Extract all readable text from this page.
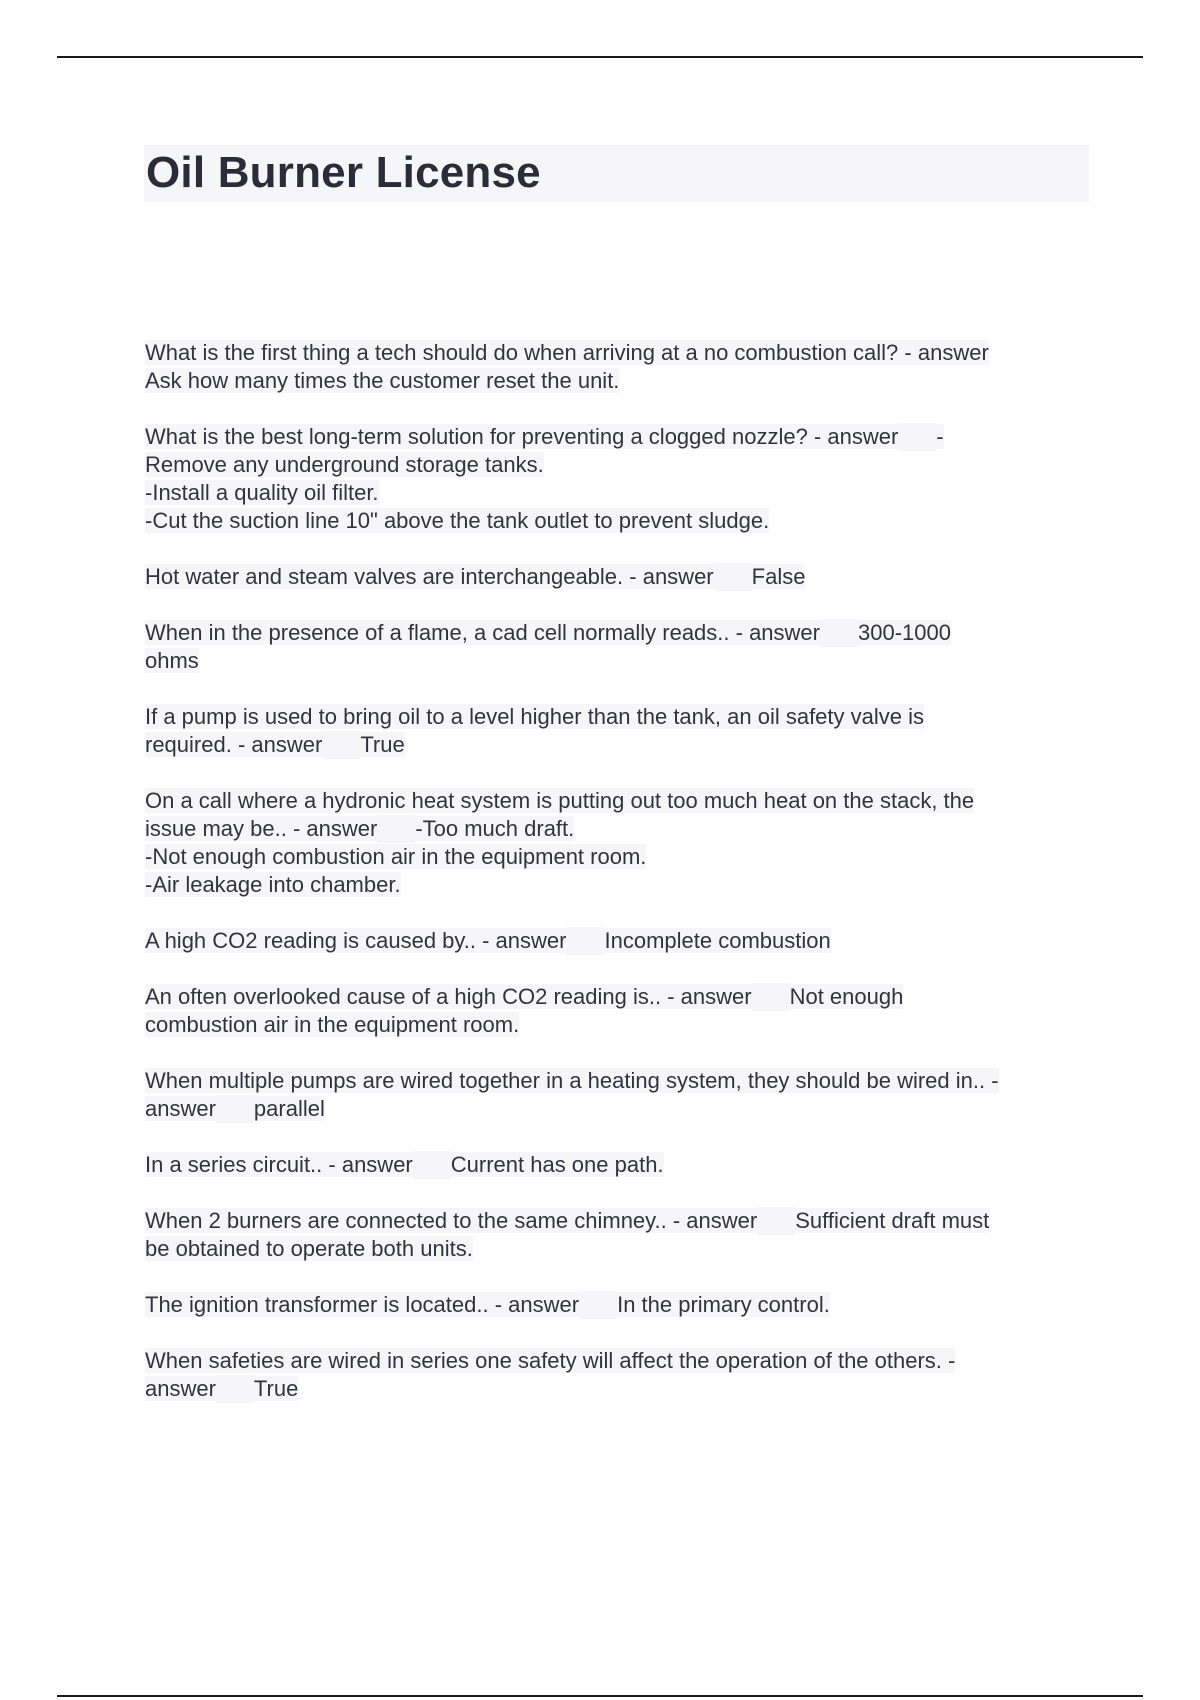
Oil Burner License
What is the first thing a tech should do when arriving at a no combustion call? - answer
Ask how many times the customer reset the unit.
What is the best long-term solution for preventing a clogged nozzle? - answer -
Remove any underground storage tanks.
-Install a quality oil filter.
-Cut the suction line 10" above the tank outlet to prevent sludge.
Hot water and steam valves are interchangeable. - answer False
When in the presence of a flame, a cad cell normally reads.. - answer 300-1000
ohms
If a pump is used to bring oil to a level higher than the tank, an oil safety valve is
required. - answer True
On a call where a hydronic heat system is putting out too much heat on the stack, the
issue may be.. - answer -Too much draft.
-Not enough combustion air in the equipment room.
-Air leakage into chamber.
A high CO2 reading is caused by.. - answer Incomplete combustion
An often overlooked cause of a high CO2 reading is.. - answer Not enough
combustion air in the equipment room.
When multiple pumps are wired together in a heating system, they should be wired in.. -
answer parallel
In a series circuit.. - answer Current has one path.
When 2 burners are connected to the same chimney.. - answer Sufficient draft must
be obtained to operate both units.
The ignition transformer is located.. - answer In the primary control.
When safeties are wired in series one safety will affect the operation of the others. -
answer True
